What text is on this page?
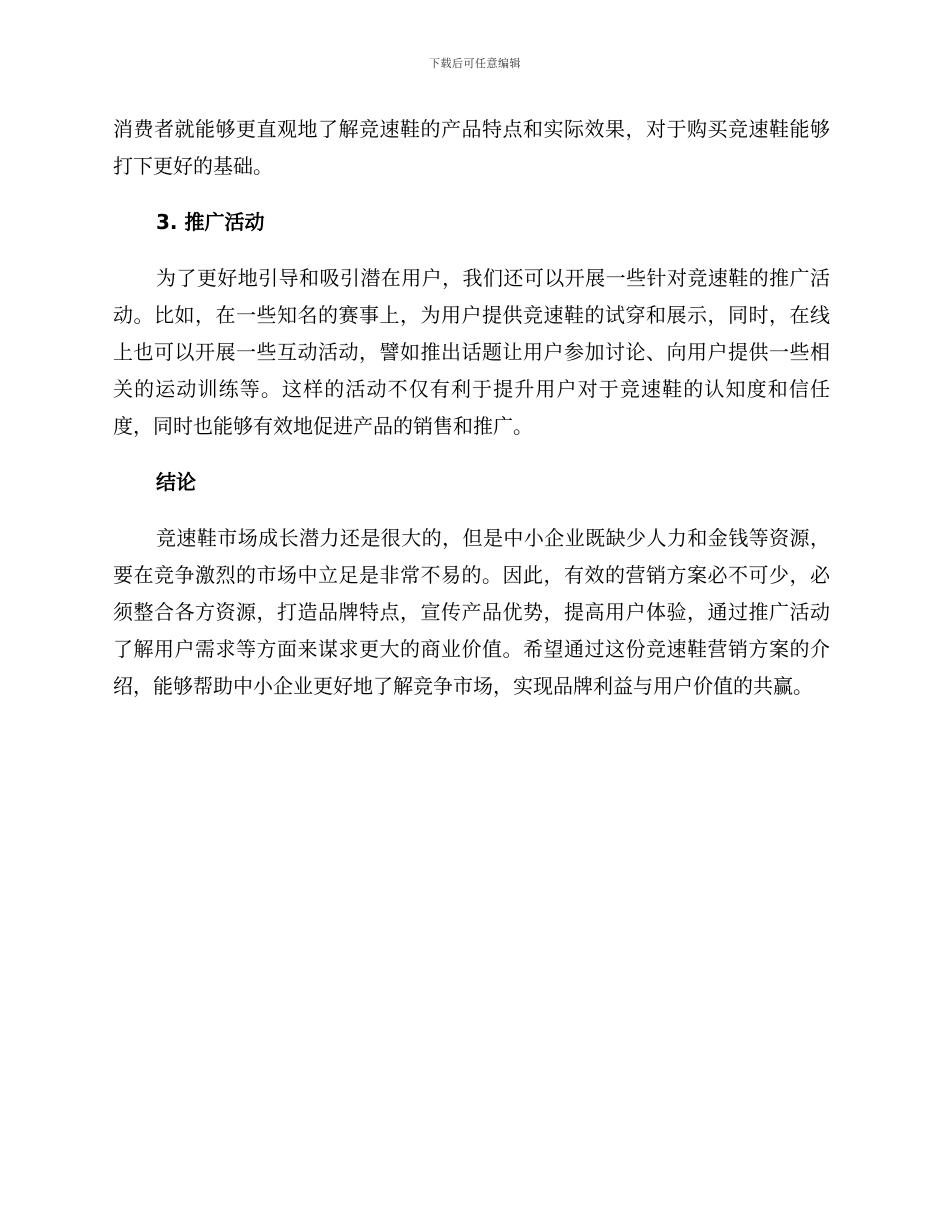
下载后可任意编辑

消费者就能够更直观地了解竞速鞋的产品特点和实际效果，对于购买竞速鞋能够打下更好的基础。

3. 推广活动

为了更好地引导和吸引潜在用户，我们还可以开展一些针对竞速鞋的推广活动。比如，在一些知名的赛事上，为用户提供竞速鞋的试穿和展示，同时，在线上也可以开展一些互动活动，譬如推出话题让用户参加讨论、向用户提供一些相关的运动训练等。这样的活动不仅有利于提升用户对于竞速鞋的认知度和信任度，同时也能够有效地促进产品的销售和推广。

结论

竞速鞋市场成长潜力还是很大的，但是中小企业既缺少人力和金钱等资源，要在竞争激烈的市场中立足是非常不易的。因此，有效的营销方案必不可少，必须整合各方资源，打造品牌特点，宣传产品优势，提高用户体验，通过推广活动了解用户需求等方面来谋求更大的商业价值。希望通过这份竞速鞋营销方案的介绍，能够帮助中小企业更好地了解竞争市场，实现品牌利益与用户价值的共赢。
